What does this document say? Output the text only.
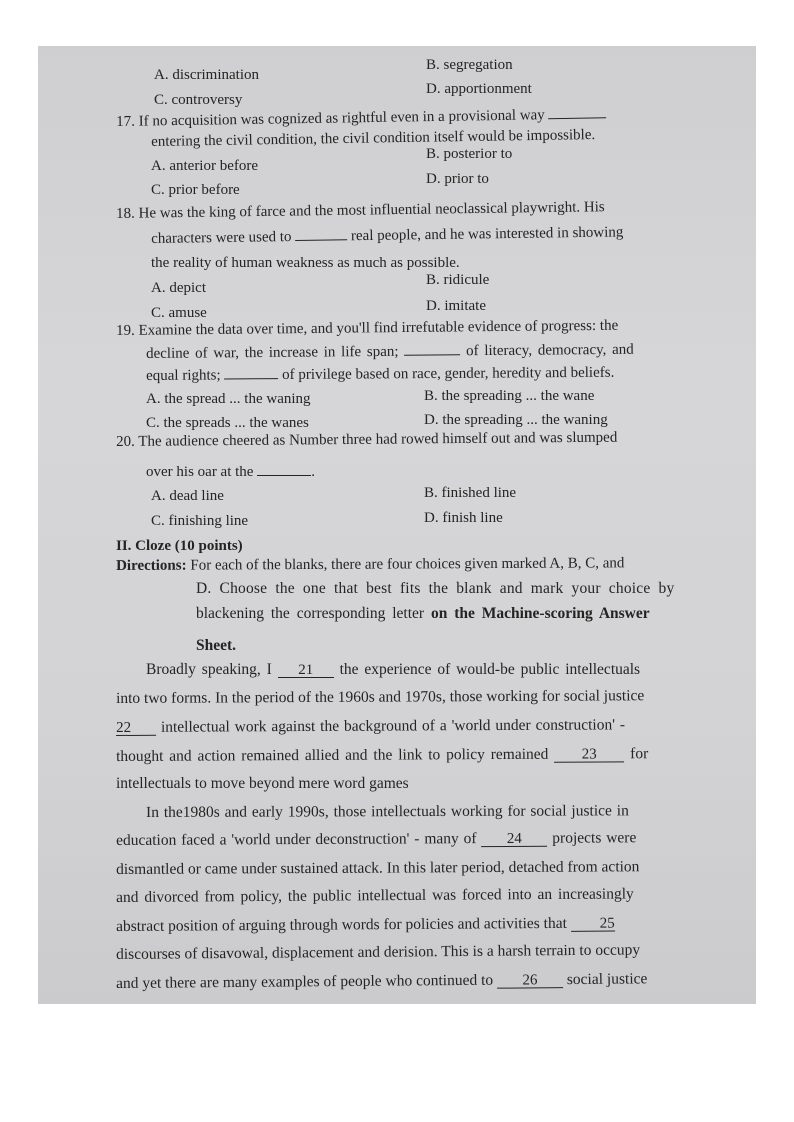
A. discrimination
B. segregation
C. controversy
D. apportionment
17. If no acquisition was cognized as rightful even in a provisional way
entering the civil condition, the civil condition itself would be impossible.
A. anterior before
B. posterior to
C. prior before
D. prior to
18. He was the king of farce and the most influential neoclassical playwright. His
characters were used to	real people, and he was interested in showing
the reality of human weakness as much as possible.
A. depict	B. ridicule
C. amuse	D. imitate
19. Examine the data over time, and you'll find irrefutable evidence of progress: the
decline of war, the increase in life span;	of literacy, democracy, and
equal rights;	of privilege based on race, gender, heredity and beliefs.
A. the spread ... the waning	B. the spreading ... the wane
C. the spreads ... the wanes	D. the spreading ... the waning
20. The audience cheered as Number three had rowed himself out and was slumped
over his oar at the	.
A. dead line	B. finished line
C. finishing line	D. finish line
II. Cloze (10 points)
Directions: For each of the blanks, there are four choices given marked A, B, C, and
D. Choose the one that best fits the blank and mark your choice by
blackening the corresponding letter on the Machine-scoring Answer
Sheet.
Broadly speaking, I 21 the experience of would-be public intellectuals
into two forms. In the period of the 1960s and 1970s, those working for social justice
22 intellectual work against the background of a 'world under construction' -
thought and action remained allied and the link to policy remained 23 for
intellectuals to move beyond mere word games
In the1980s and early 1990s, those intellectuals working for social justice in
education faced a 'world under deconstruction' - many of 24 projects were
dismantled or came under sustained attack. In this later period, detached from action
and divorced from policy, the public intellectual was forced into an increasingly
abstract position of arguing through words for policies and activities that 25
discourses of disavowal, displacement and derision. This is a harsh terrain to occupy
and yet there are many examples of people who continued to 26 social justice
